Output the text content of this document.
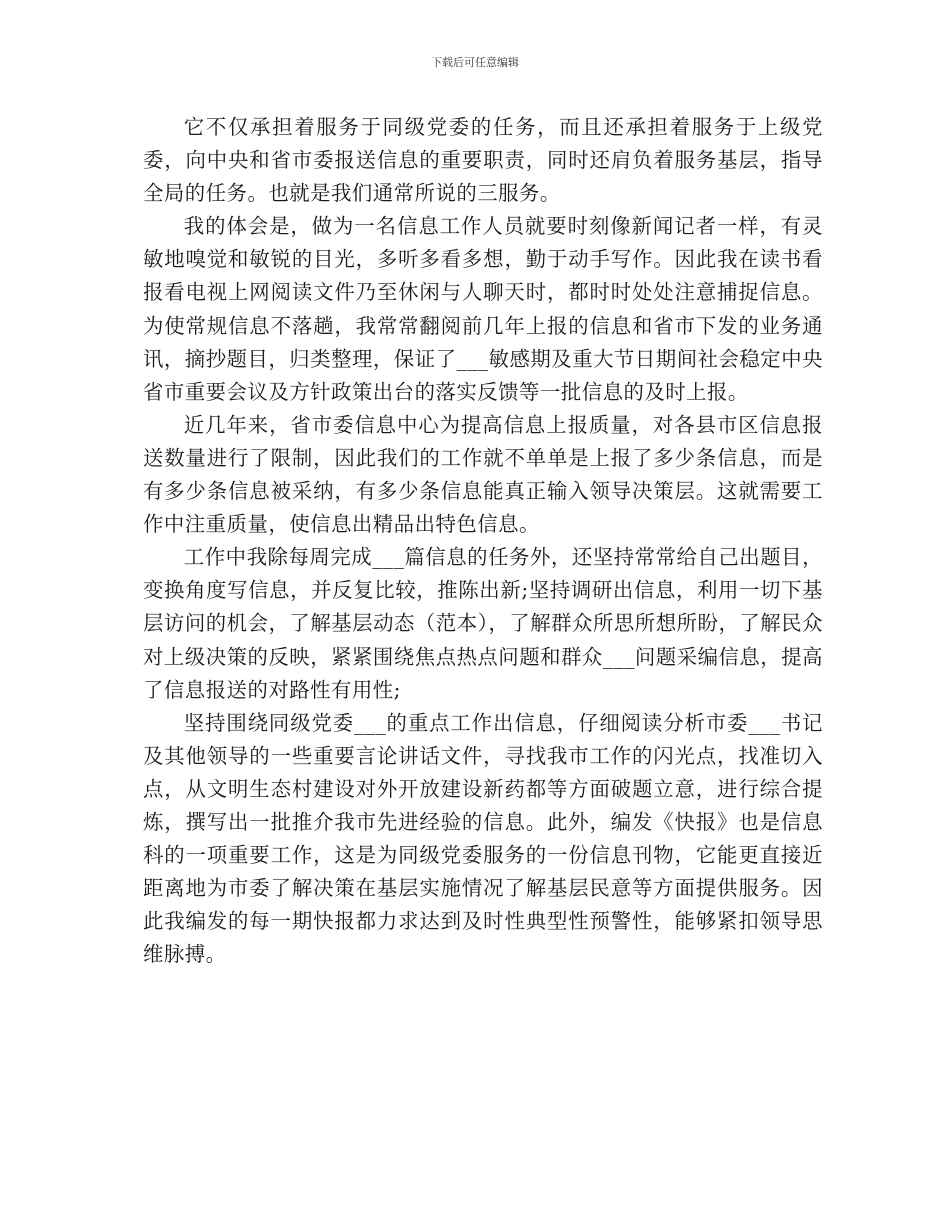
下载后可任意编辑

它不仅承担着服务于同级党委的任务，而且还承担着服务于上级党委，向中央和省市委报送信息的重要职责，同时还肩负着服务基层，指导全局的任务。也就是我们通常所说的三服务。

我的体会是，做为一名信息工作人员就要时刻像新闻记者一样，有灵敏地嗅觉和敏锐的目光，多听多看多想，勤于动手写作。因此我在读书看报看电视上网阅读文件乃至休闲与人聊天时，都时时处处注意捕捉信息。为使常规信息不落趟，我常常翻阅前几年上报的信息和省市下发的业务通讯，摘抄题目，归类整理，保证了___敏感期及重大节日期间社会稳定中央省市重要会议及方针政策出台的落实反馈等一批信息的及时上报。

近几年来，省市委信息中心为提高信息上报质量，对各县市区信息报送数量进行了限制，因此我们的工作就不单单是上报了多少条信息，而是有多少条信息被采纳，有多少条信息能真正输入领导决策层。这就需要工作中注重质量，使信息出精品出特色信息。

工作中我除每周完成___篇信息的任务外，还坚持常常给自己出题目，变换角度写信息，并反复比较，推陈出新;坚持调研出信息，利用一切下基层访问的机会，了解基层动态（范本），了解群众所思所想所盼，了解民众对上级决策的反映，紧紧围绕焦点热点问题和群众___问题采编信息，提高了信息报送的对路性有用性;

坚持围绕同级党委___的重点工作出信息，仔细阅读分析市委___书记及其他领导的一些重要言论讲话文件，寻找我市工作的闪光点，找准切入点，从文明生态村建设对外开放建设新药都等方面破题立意，进行综合提炼，撰写出一批推介我市先进经验的信息。此外，编发《快报》也是信息科的一项重要工作，这是为同级党委服务的一份信息刊物，它能更直接近距离地为市委了解决策在基层实施情况了解基层民意等方面提供服务。因此我编发的每一期快报都力求达到及时性典型性预警性，能够紧扣领导思维脉搏。
